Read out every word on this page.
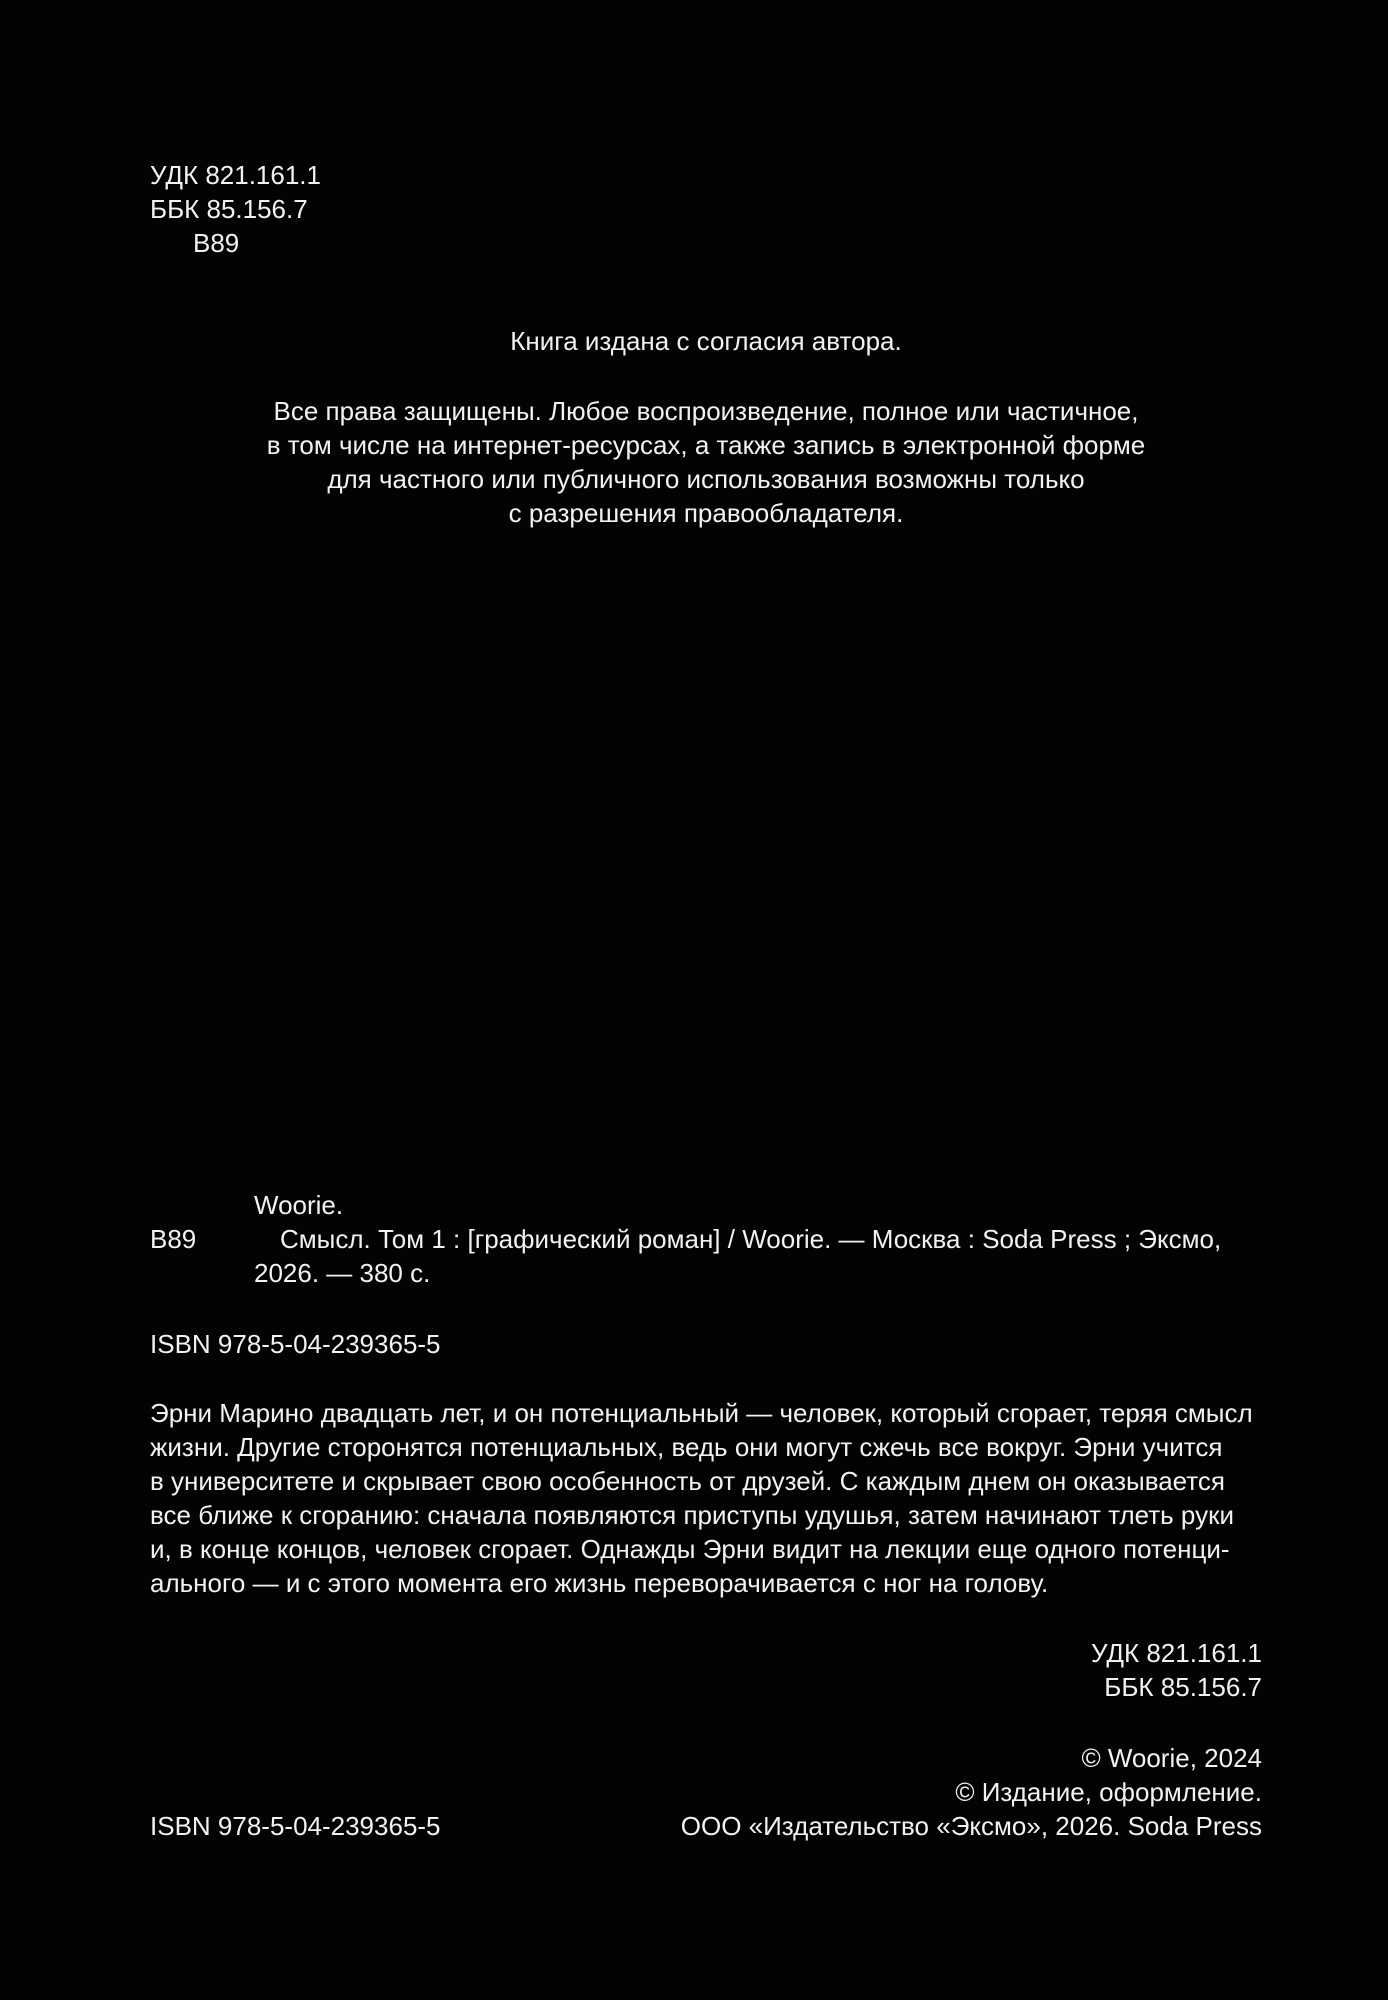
УДК 821.161.1
ББК 85.156.7
В89
Книга издана с согласия автора.
Все права защищены. Любое воспроизведение, полное или частичное,
в том числе на интернет-ресурсах, а также запись в электронной форме
для частного или публичного использования возможны только
с разрешения правообладателя.
В89
Woorie.
Смысл. Том 1 : [графический роман] / Woorie. — Москва : Soda Press ; Эксмо,
2026. — 380 с.
ISBN 978-5-04-239365-5
Эрни Марино двадцать лет, и он потенциальный — человек, который сгорает, теряя смысл
жизни. Другие сторонятся потенциальных, ведь они могут сжечь все вокруг. Эрни учится
в университете и скрывает свою особенность от друзей. С каждым днем он оказывается
все ближе к сгоранию: сначала появляются приступы удушья, затем начинают тлеть руки
и, в конце концов, человек сгорает. Однажды Эрни видит на лекции еще одного потенци-
ального — и с этого момента его жизнь переворачивается с ног на голову.
УДК 821.161.1
ББК 85.156.7
© Woorie, 2024
© Издание, оформление.
ООО «Издательство «Эксмо», 2026. Soda Press
ISBN 978-5-04-239365-5
